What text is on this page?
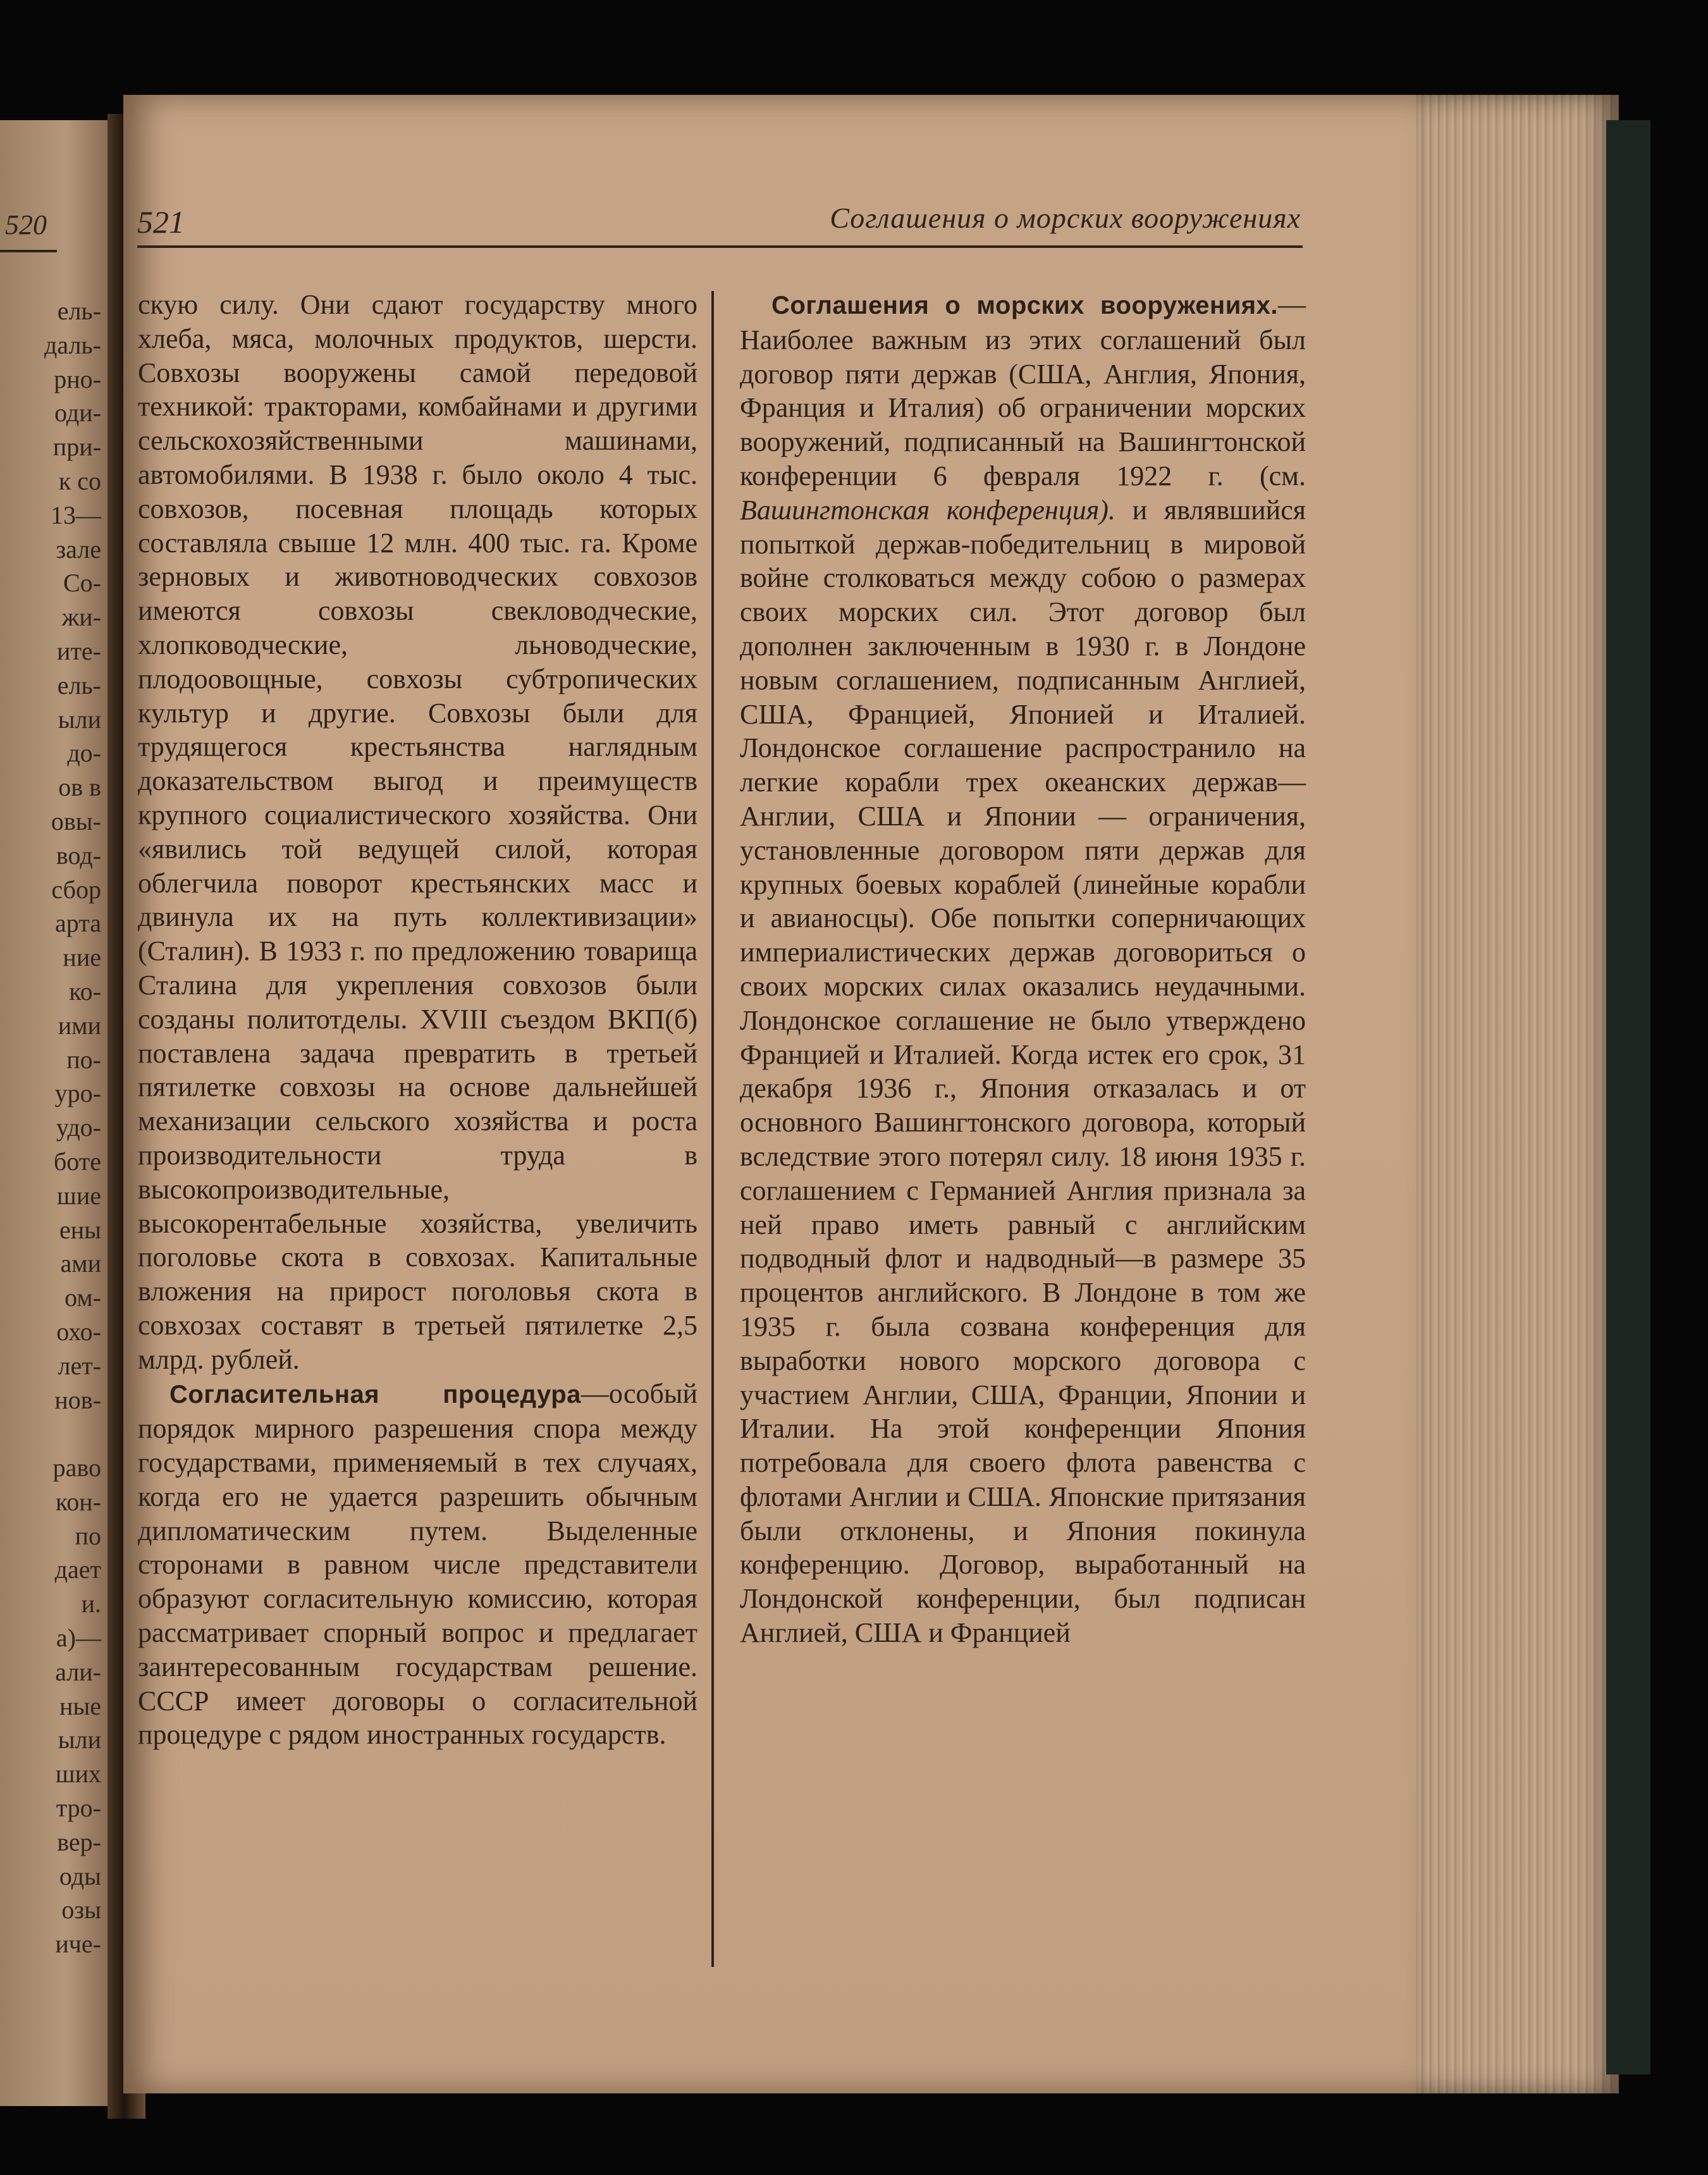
520
ель-
даль-
рно-
оди-
при-
к со
13—
зале
Со-
жи-
ите-
ель-
ыли
до-
ов в
овы-
вод-
сбор
арта
ние
ко-
ими
по-
уро-
удо-
боте
шие
ены
ами
ом-
охо-
лет-
нов-

раво
кон-
по
дает
и.
а)—
али-
ные
ыли
ших
тро-
вер-
оды
озы
иче-
521	Соглашения о морских вооружениях

скую силу. Они сдают государству много хлеба, мяса, молочных продуктов, шерсти. Совхозы вооружены самой передовой техникой: тракторами, комбайнами и другими сельскохозяйственными машинами, автомобилями. В 1938 г. было около 4 тыс. совхозов, посевная площадь которых составляла свыше 12 млн. 400 тыс. га. Кроме зерновых и животноводческих совхозов имеются совхозы свекловодческие, хлопководческие, льноводческие, плодоовощные, совхозы субтропических культур и другие. Совхозы были для трудящегося крестьянства наглядным доказательством выгод и преимуществ крупного социалистического хозяйства. Они «явились той ведущей силой, которая облегчила поворот крестьянских масс и двинула их на путь коллективизации» (Сталин). В 1933 г. по предложению товарища Сталина для укрепления совхозов были созданы политотделы. XVIII съездом ВКП(б) поставлена задача превратить в третьей пятилетке совхозы на основе дальнейшей механизации сельского хозяйства и роста производительности труда в высокопроизводительные, высокорентабельные хозяйства, увеличить поголовье скота в совхозах. Капитальные вложения на прирост поголовья скота в совхозах составят в третьей пятилетке 2,5 млрд. рублей.

Согласительная процедура—особый порядок мирного разрешения спора между государствами, применяемый в тех случаях, когда его не удается разрешить обычным дипломатическим путем. Выделенные сторонами в равном числе представители образуют согласительную комиссию, которая рассматривает спорный вопрос и предлагает заинтересованным государствам решение. СССР имеет договоры о согласительной процедуре с рядом иностранных государств.

Соглашения о морских вооружениях.—Наиболее важным из этих соглашений был договор пяти держав (США, Англия, Япония, Франция и Италия) об ограничении морских вооружений, подписанный на Вашингтонской конференции 6 февраля 1922 г. (см. Вашингтонская конференция). и являвшийся попыткой держав-победительниц в мировой войне столковаться между собою о размерах своих морских сил. Этот договор был дополнен заключенным в 1930 г. в Лондоне новым соглашением, подписанным Англией, США, Францией, Японией и Италией. Лондонское соглашение распространило на легкие корабли трех океанских держав—Англии, США и Японии — ограничения, установленные договором пяти держав для крупных боевых кораблей (линейные корабли и авианосцы). Обе попытки соперничающих империалистических держав договориться о своих морских силах оказались неудачными. Лондонское соглашение не было утверждено Францией и Италией. Когда истек его срок, 31 декабря 1936 г., Япония отказалась и от основного Вашингтонского договора, который вследствие этого потерял силу. 18 июня 1935 г. соглашением с Германией Англия признала за ней право иметь равный с английским подводный флот и надводный—в размере 35 процентов английского. В Лондоне в том же 1935 г. была созвана конференция для выработки нового морского договора с участием Англии, США, Франции, Японии и Италии. На этой конференции Япония потребовала для своего флота равенства с флотами Англии и США. Японские притязания были отклонены, и Япония покинула конференцию. Договор, выработанный на Лондонской конференции, был подписан Англией, США и Францией
